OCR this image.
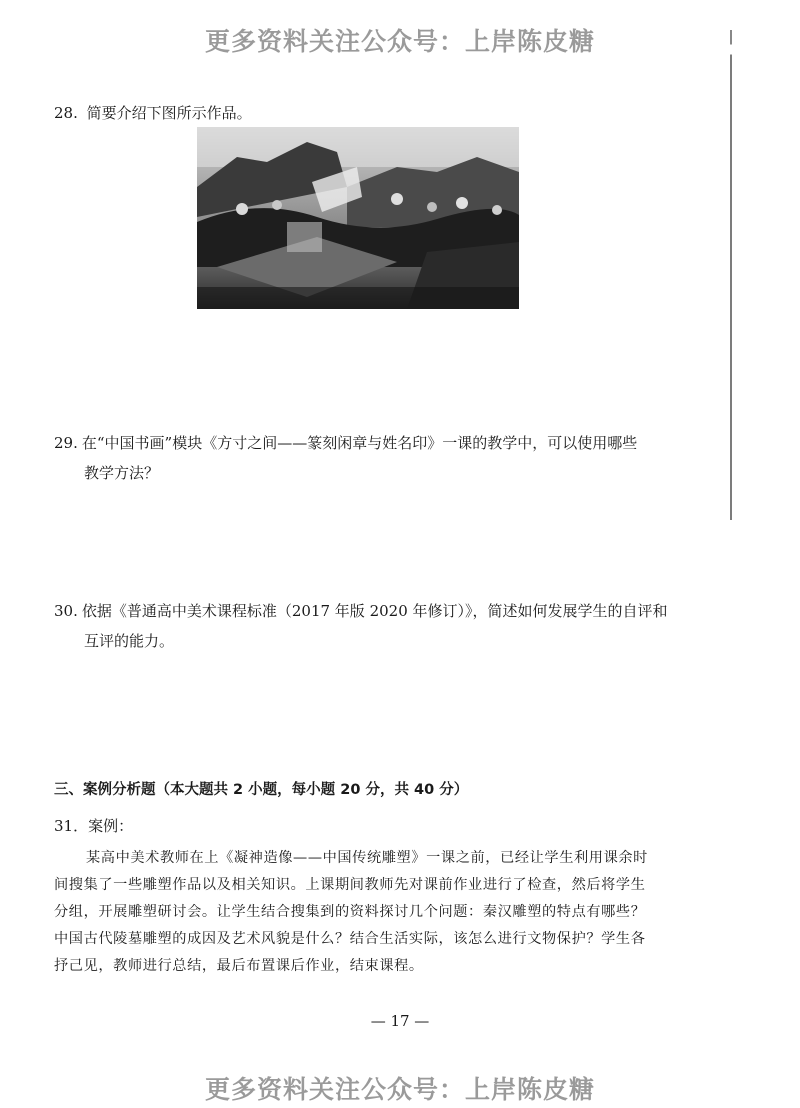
更多资料关注公众号：上岸陈皮糖
28. 简要介绍下图所示作品。
29. 在“中国书画”模块《方寸之间——篆刻闲章与姓名印》一课的教学中，可以使用哪些
教学方法？
30. 依据《普通高中美术课程标准（2017 年版 2020 年修订）》，简述如何发展学生的自评和
互评的能力。
三、案例分析题（本大题共 2 小题，每小题 20 分，共 40 分）
31．案例：
某高中美术教师在上《凝神造像——中国传统雕塑》一课之前，已经让学生利用课余时
间搜集了一些雕塑作品以及相关知识。上课期间教师先对课前作业进行了检查，然后将学生
分组，开展雕塑研讨会。让学生结合搜集到的资料探讨几个问题：秦汉雕塑的特点有哪些？
中国古代陵墓雕塑的成因及艺术风貌是什么？结合生活实际，该怎么进行文物保护？学生各
抒己见，教师进行总结，最后布置课后作业，结束课程。
— 17 —
更多资料关注公众号：上岸陈皮糖
